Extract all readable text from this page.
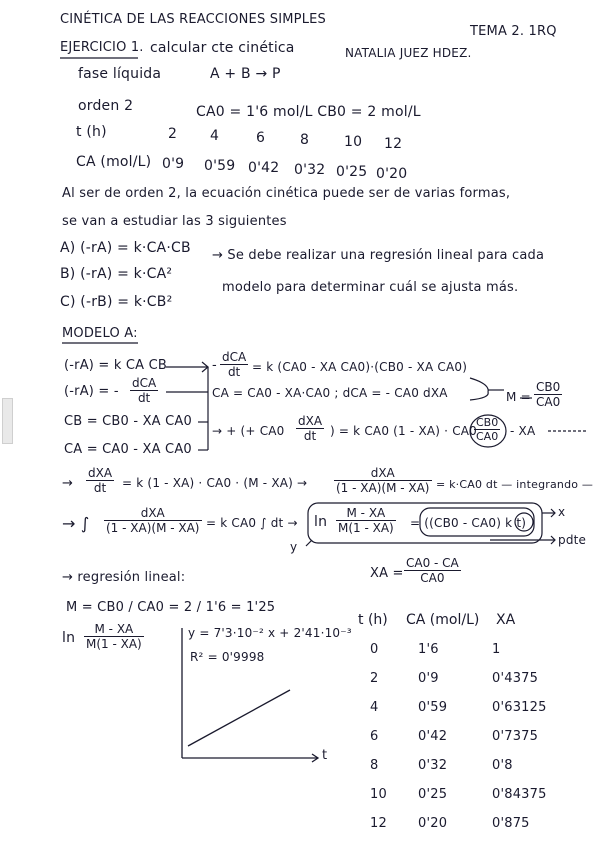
CINÉTICA DE LAS REACCIONES SIMPLES
TEMA 2. 1RQ
EJERCICIO 1. calcular cte cinética	NATALIA JUEZ HDEZ.
fase líquida	A + B → P
orden 2	CA0 = 1'6 mol/L CB0 = 2 mol/L
t (h)	2 4	6 8 10 12
CA (mol/L) 0'9 0'59 0'42 0'32 0'25 0'20
Al ser de orden 2, la ecuación cinética puede ser de varias formas,
se van a estudiar las 3 siguientes
A) (-rA) = k·CA·CB
B) (-rA) = k·CA²
C) (-rB) = k·CB²
→ Se debe realizar una regresión lineal para cada
modelo para determinar cuál se ajusta más.
MODELO A:
(-rA) = k CA CB
(-rA) = -
dCA
dt
CB = CB0 - XA CA0
CA = CA0 - XA CA0
-
dCA
dt = k (CA0 - XA CA0)·(CB0 - XA CA0)
CA = CA0 - XA·CA0 ; dCA = - CA0 dXA	$M = \frac{CB0}{CA0}$
→ + (+ CA0
dXA
dt	) = k CA0 (1 - XA) · CA0
$\frac{CB0}{CA0}$ - XA
→
dXA
dt	= k (1 - XA) · CA0 · (M - XA) →
dXA
(1 - XA)(M - XA) = k·CA0 dt — integrando —
→ ∫
dXA
(1 - XA)(M - XA) = k CA0 ∫ dt → $\ln \frac{M - XA}{M(1 - XA)} = ((CB0 - CA0)$ k t)
x
y	pdte
→ regresión lineal:	XA = $\frac{CA0 - CA}{CA0}$
M = CB0 / CA0 = 2 / 1'6 = 1'25
$\ln \frac{M - XA}{M(1 - XA)}$	y = 7'3·10⁻² x + 2'41·10⁻³
R² = 0'9998
t
t (h) CA (mol/L) XA
0	1'6	1
2	0'9	0'4375
4	0'59	0'63125
6	0'42	0'7375
8	0'32	0'8
10 0'25	0'84375
12 0'20	0'875
